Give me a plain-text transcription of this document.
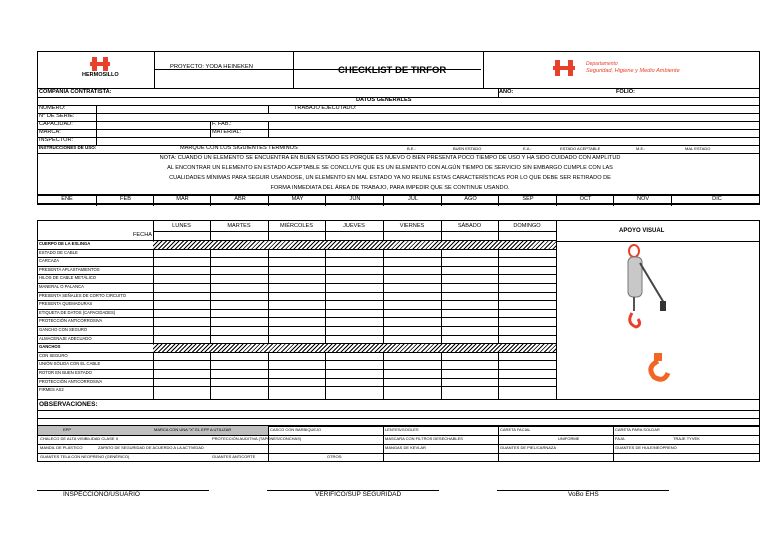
HERMOSILLO
PROYECTO: YODA HEINEKEN	CHECKLIST DE TIRFOR
Departamento
Seguridad, Higiene y Medio Ambiente
COMPAÑIA CONTRATISTA:	AÑO:	FOLIO:
DATOS GENERALES
NUMERO:	TRABAJO EJECUTADO:
N° DE SERIE:
CAPACIDAD:	F. FAB.:
MARCA:	MATERIAL:
INSPECTOR:
INSTRUCCIONES DE USO:	MARQUE CON LOS SIGUIENTES TERMINOS	B.E.:	BUEN ESTADO	E.A.:	ESTADO ACEPTABLE	M.E.:	MAL ESTADO
NOTA: CUANDO UN ELEMENTO SE ENCUENTRA EN BUEN ESTADO ES PORQUE ES NUEVO O BIEN PRESENTA POCO TIEMPO DE USO Y HA SIDO CUIDADO CON AMPLITUD
AL ENCONTRAR UN ELEMENTO EN ESTADO ACEPTABLE SE CONCLUYE QUE ES UN ELEMENTO CON ALGÚN TIEMPO DE SERVICIO SIN EMBARGO CUMPLE CON LAS
CUALIDADES MÍNIMAS PARA SEGUIR USANDOSE, UN ELEMENTO EN MAL ESTADO YA NO REUNE ESTAS CARACTERÍSTICAS POR LO QUE DEBE SER RETIRADO DE
FORMA INMEDIATA DEL ÁREA DE TRABAJO, PARA IMPEDIR QUE SE CONTINUE USANDO.
ENE	FEB	MAR	ABR	MAY	JUN	JUL	AGO	SEP	OCT	NOV	DIC
LUNES	MARTES	MIÉRCOLES	JUEVES	VIERNES	SÁBADO	DOMINGO
FECHA
CUERPO DE LA ESLINGA
ESTADO DE CABLE
CARCAZA
PRESENTA APLASTAMIENTOS
HILOS DE CABLE METÁLICO
MANERAL O PALANCA
PRESENTA SEÑALES DE CORTO CIRCUITO
PRESENTA QUEMADURAS
ETIQUETA DE DATOS (CAPACIDADES)
PROTECCIÓN ANTICORROSIVA
GANCHO CON SEGURO
ALMACENAJE ADECUADO
GANCHOS
CON SEGURO
UNIÓN SÓLIDA CON EL CABLE
ROTOR EN BUEN ESTADO
PROTECCIÓN ANTICORROSIVA
FIRMES AS2
APOYO VISUAL
OBSERVACIONES:
EPP	MARCA CON UNA "X" EL EPP A UTILIZAR	CASCO CON BARBIQUEJO	LENTES/GOGLES	CARETA FACIAL	CARETA PARA SOLDAR
CHALECO DE ALTA VISIBILIDAD CLASE II	PROTECCIÓN AUDITIVA (TAPONES/CONCHAS)	MASCARA CON FILTROS DESECHABLES	UNIFORME	FAJA	TRAJE TYVEK
MANDIL DE PLÁSTICO	ZAPATO DE SEGURIDAD DE ACUERDO A LA ACTIVIDAD	MANGAS DE KEVLAR	GUANTES DE PIEL/CARNAZA	GUANTES DE HULE/NEOPRENO
GUANTES TELA CON NEOPRENO (GENÉRICO)	GUANTES ANTICORTE	OTROS:
INSPECCIONÓ/USUARIO	VERIFICÓ/SUP SEGURIDAD	VoBo EHS
